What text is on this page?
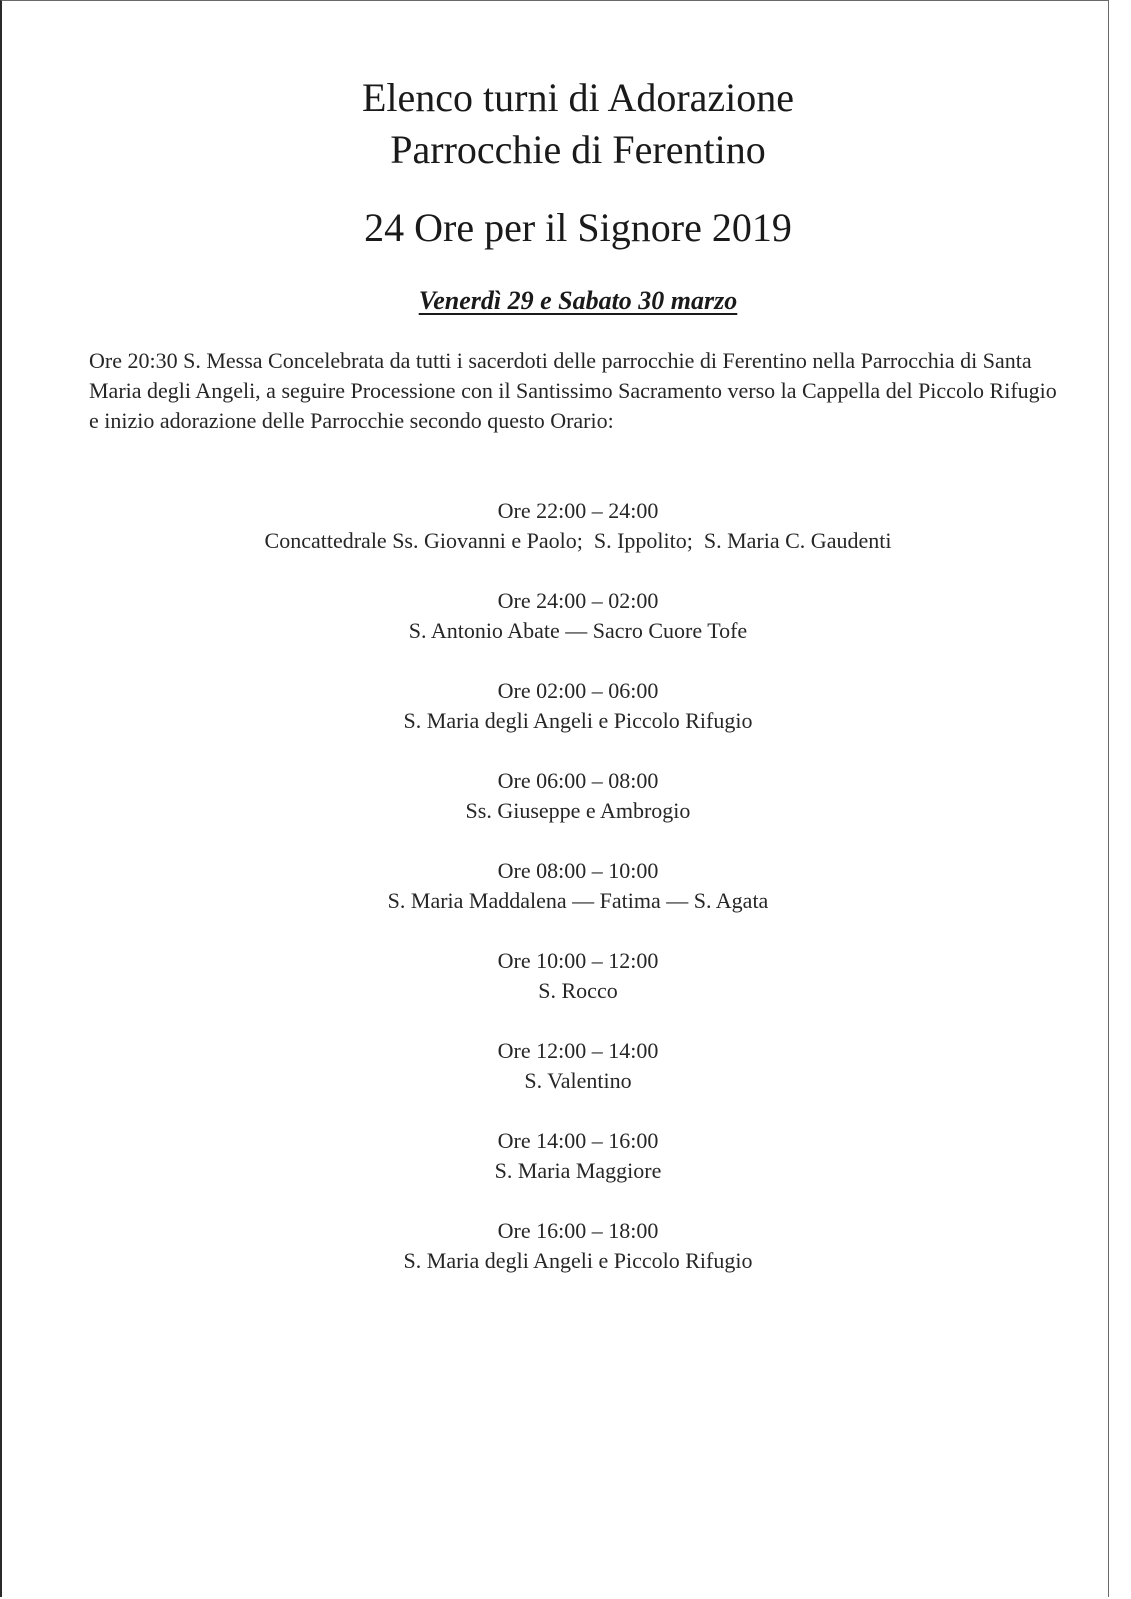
Elenco turni di Adorazione
Parrocchie di Ferentino
24 Ore per il Signore 2019
Venerdì 29 e Sabato 30 marzo

Ore 20:30 S. Messa Concelebrata da tutti i sacerdoti delle parrocchie di Ferentino nella Parrocchia di Santa Maria degli Angeli, a seguire Processione con il Santissimo Sacramento verso la Cappella del Piccolo Rifugio e inizio adorazione delle Parrocchie secondo questo Orario:

Ore 22:00 – 24:00
Concattedrale Ss. Giovanni e Paolo;  S. Ippolito;  S. Maria C. Gaudenti
Ore 24:00 – 02:00
S. Antonio Abate — Sacro Cuore Tofe
Ore 02:00 – 06:00
S. Maria degli Angeli e Piccolo Rifugio
Ore 06:00 – 08:00
Ss. Giuseppe e Ambrogio
Ore 08:00 – 10:00
S. Maria Maddalena — Fatima — S. Agata
Ore 10:00 – 12:00
S. Rocco
Ore 12:00 – 14:00
S. Valentino
Ore 14:00 – 16:00
S. Maria Maggiore
Ore 16:00 – 18:00
S. Maria degli Angeli e Piccolo Rifugio
